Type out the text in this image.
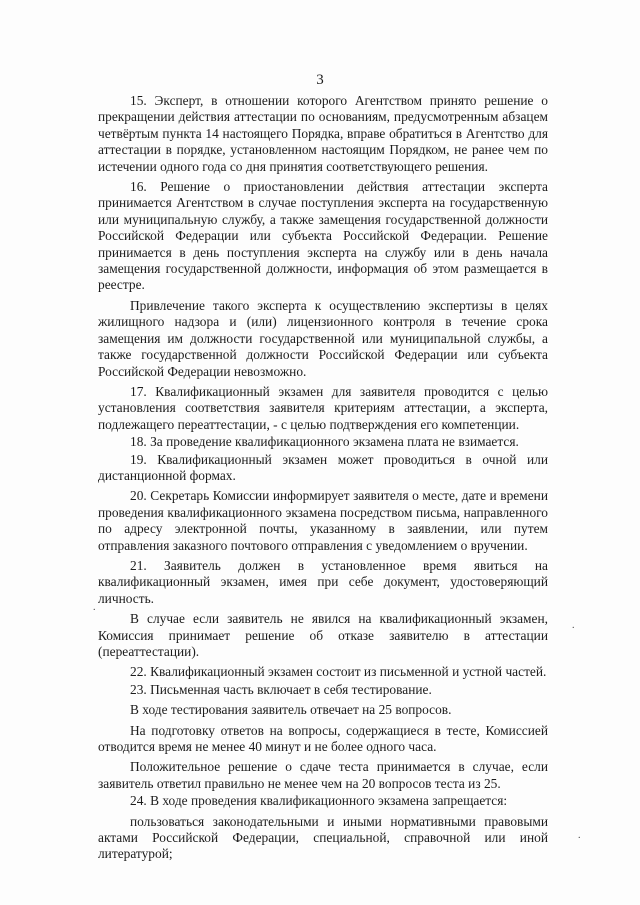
3

15. Эксперт, в отношении которого Агентством принято решение о прекращении действия аттестации по основаниям, предусмотренным абзацем четвёртым пункта 14 настоящего Порядка, вправе обратиться в Агентство для аттестации в порядке, установленном настоящим Порядком, не ранее чем по истечении одного года со дня принятия соответствующего решения.

16. Решение о приостановлении действия аттестации эксперта принимается Агентством в случае поступления эксперта на государственную или муниципальную службу, а также замещения государственной должности Российской Федерации или субъекта Российской Федерации. Решение принимается в день поступления эксперта на службу или в день начала замещения государственной должности, информация об этом размещается в реестре.

Привлечение такого эксперта к осуществлению экспертизы в целях жилищного надзора и (или) лицензионного контроля в течение срока замещения им должности государственной или муниципальной службы, а также государственной должности Российской Федерации или субъекта Российской Федерации невозможно.

17. Квалификационный экзамен для заявителя проводится с целью установления соответствия заявителя критериям аттестации, а эксперта, подлежащего переаттестации, - с целью подтверждения его компетенции.

18. За проведение квалификационного экзамена плата не взимается.

19. Квалификационный экзамен может проводиться в очной или дистанционной формах.

20. Секретарь Комиссии информирует заявителя о месте, дате и времени проведения квалификационного экзамена посредством письма, направленного по адресу электронной почты, указанному в заявлении, или путем отправления заказного почтового отправления с уведомлением о вручении.

21. Заявитель должен в установленное время явиться на квалификационный экзамен, имея при себе документ, удостоверяющий личность.

В случае если заявитель не явился на квалификационный экзамен, Комиссия принимает решение об отказе заявителю в аттестации (переаттестации).

22. Квалификационный экзамен состоит из письменной и устной частей.

23. Письменная часть включает в себя тестирование.

В ходе тестирования заявитель отвечает на 25 вопросов.

На подготовку ответов на вопросы, содержащиеся в тесте, Комиссией отводится время не менее 40 минут и не более одного часа.

Положительное решение о сдаче теста принимается в случае, если заявитель ответил правильно не менее чем на 20 вопросов теста из 25.

24. В ходе проведения квалификационного экзамена запрещается:

пользоваться законодательными и иными нормативными правовыми актами Российской Федерации, специальной, справочной или иной литературой;

.
.
.
